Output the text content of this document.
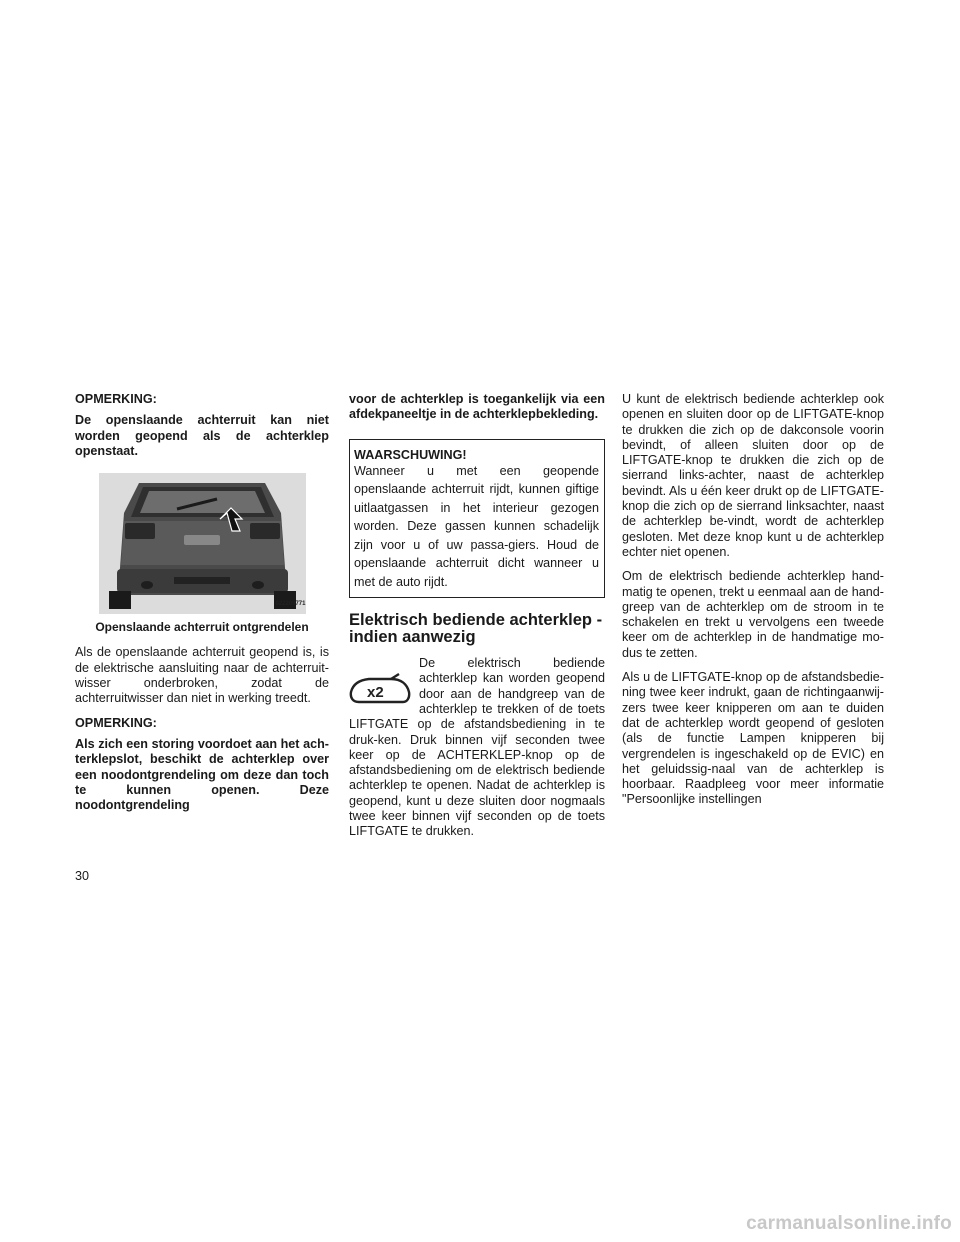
OPMERKING:

De openslaande achterruit kan niet worden geopend als de achterklep openstaat.

022209771

Openslaande achterruit ontgrendelen

Als de openslaande achterruit geopend is, is de elektrische aansluiting naar de achterruit-wisser onderbroken, zodat de achterruitwisser dan niet in werking treedt.

OPMERKING:

Als zich een storing voordoet aan het ach-terklepslot, beschikt de achterklep over een noodontgrendeling om deze dan toch te kunnen openen. Deze noodontgrendeling

voor de achterklep is toegankelijk via een afdekpaneeltje in de achterklepbekleding.

WAARSCHUWING!
Wanneer u met een geopende openslaande achterruit rijdt, kunnen giftige uitlaatgassen in het interieur gezogen worden. Deze gassen kunnen schadelijk zijn voor u of uw passa-giers. Houd de openslaande achterruit dicht wanneer u met de auto rijdt.

Elektrisch bediende achterklep - indien aanwezig

x2
De elektrisch bediende achterklep kan worden geopend door aan de handgreep van de achterklep te trekken of de toets LIFTGATE op de afstandsbediening in te druk-ken. Druk binnen vijf seconden twee keer op de ACHTERKLEP-knop op de afstandsbediening om de elektrisch bediende achterklep te openen. Nadat de achterklep is geopend, kunt u deze sluiten door nogmaals twee keer binnen vijf seconden op de toets LIFTGATE te drukken.

U kunt de elektrisch bediende achterklep ook openen en sluiten door op de LIFTGATE-knop te drukken die zich op de dakconsole voorin bevindt, of alleen sluiten door op de LIFTGATE-knop te drukken die zich op de sierrand links-achter, naast de achterklep bevindt. Als u één keer drukt op de LIFTGATE-knop die zich op de sierrand linksachter, naast de achterklep be-vindt, wordt de achterklep gesloten. Met deze knop kunt u de achterklep echter niet openen.

Om de elektrisch bediende achterklep hand-matig te openen, trekt u eenmaal aan de hand-greep van de achterklep om de stroom in te schakelen en trekt u vervolgens een tweede keer om de achterklep in de handmatige mo-dus te zetten.

Als u de LIFTGATE-knop op de afstandsbedie-ning twee keer indrukt, gaan de richtingaanwij-zers twee keer knipperen om aan te duiden dat de achterklep wordt geopend of gesloten (als de functie Lampen knipperen bij vergrendelen is ingeschakeld op de EVIC) en het geluidssig-naal van de achterklep is hoorbaar. Raadpleeg voor meer informatie "Persoonlijke instellingen

30
carmanualsonline.info
